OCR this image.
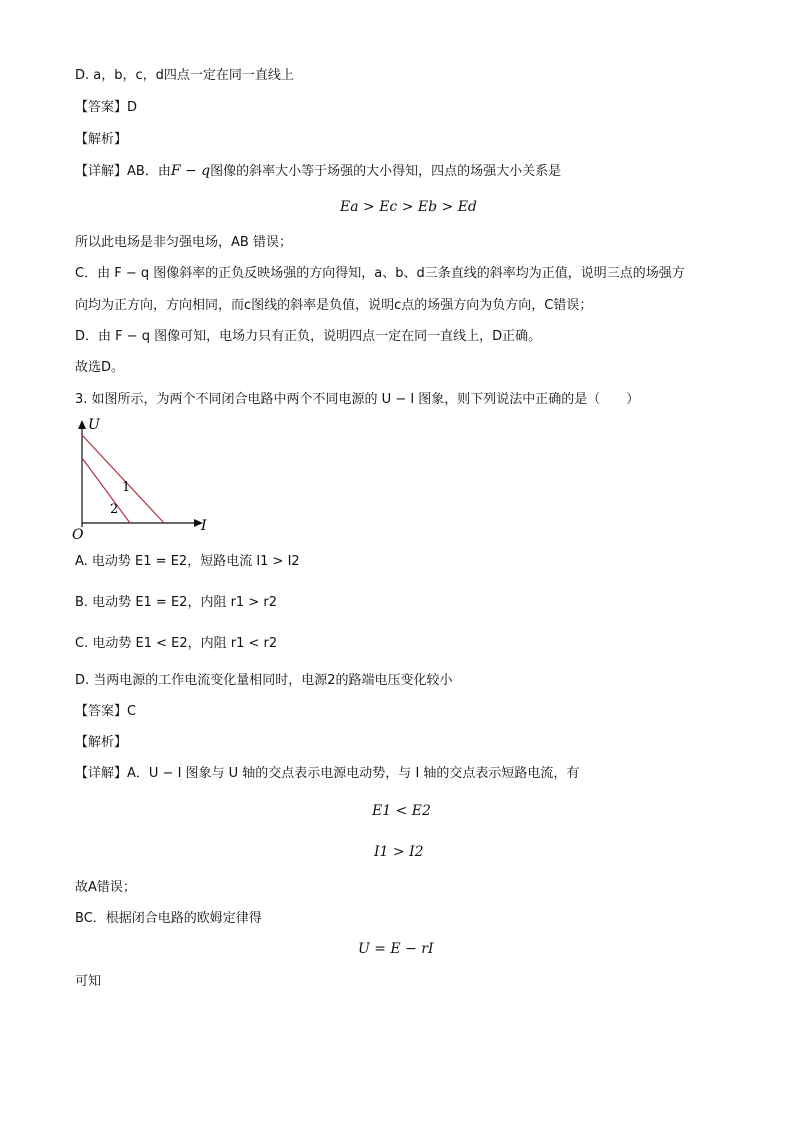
D. a，b，c，d四点一定在同一直线上
【答案】D
【解析】
【详解】AB．由F − q图像的斜率大小等于场强的大小得知，四点的场强大小关系是
Ea > Ec > Eb > Ed
所以此电场是非匀强电场，AB 错误；
C．由 F − q 图像斜率的正负反映场强的方向得知，a、b、d三条直线的斜率均为正值，说明三点的场强方
向均为正方向，方向相同，而c图线的斜率是负值，说明c点的场强方向为负方向，C错误；
D．由 F − q 图像可知，电场力只有正负，说明四点一定在同一直线上，D正确。
故选D。
3. 如图所示，为两个不同闭合电路中两个不同电源的 U − I 图象，则下列说法中正确的是（　　）
U
I
O
1
2
A. 电动势 E1 = E2，短路电流 I1 > I2
B. 电动势 E1 = E2，内阻 r1 > r2
C. 电动势 E1 < E2，内阻 r1 < r2
D. 当两电源的工作电流变化量相同时，电源2的路端电压变化较小
【答案】C
【解析】
【详解】A．U − I 图象与 U 轴的交点表示电源电动势，与 I 轴的交点表示短路电流，有
E1 < E2
I1 > I2
故A错误；
BC．根据闭合电路的欧姆定律得
U = E − rI
可知
